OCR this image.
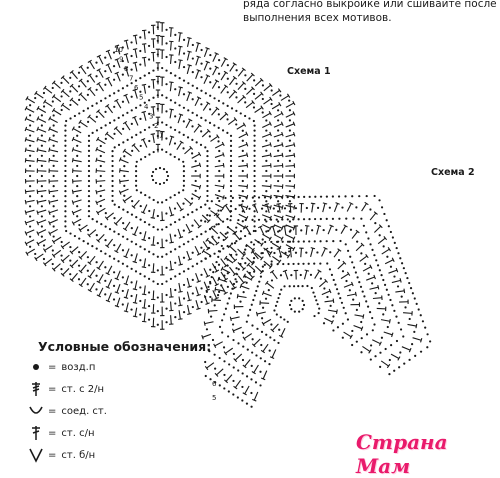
ряда согласно выкройке или сшивайте после
выполнения всех мотивов.
10
9
8
7
6
5
4
3
2
1
6
5
Схема 1
Схема 2
Условные обозначения:
= возд.п
= ст. с 2/н
= соед. ст.
= ст. с/н
= ст. б/н
Страна Мам
